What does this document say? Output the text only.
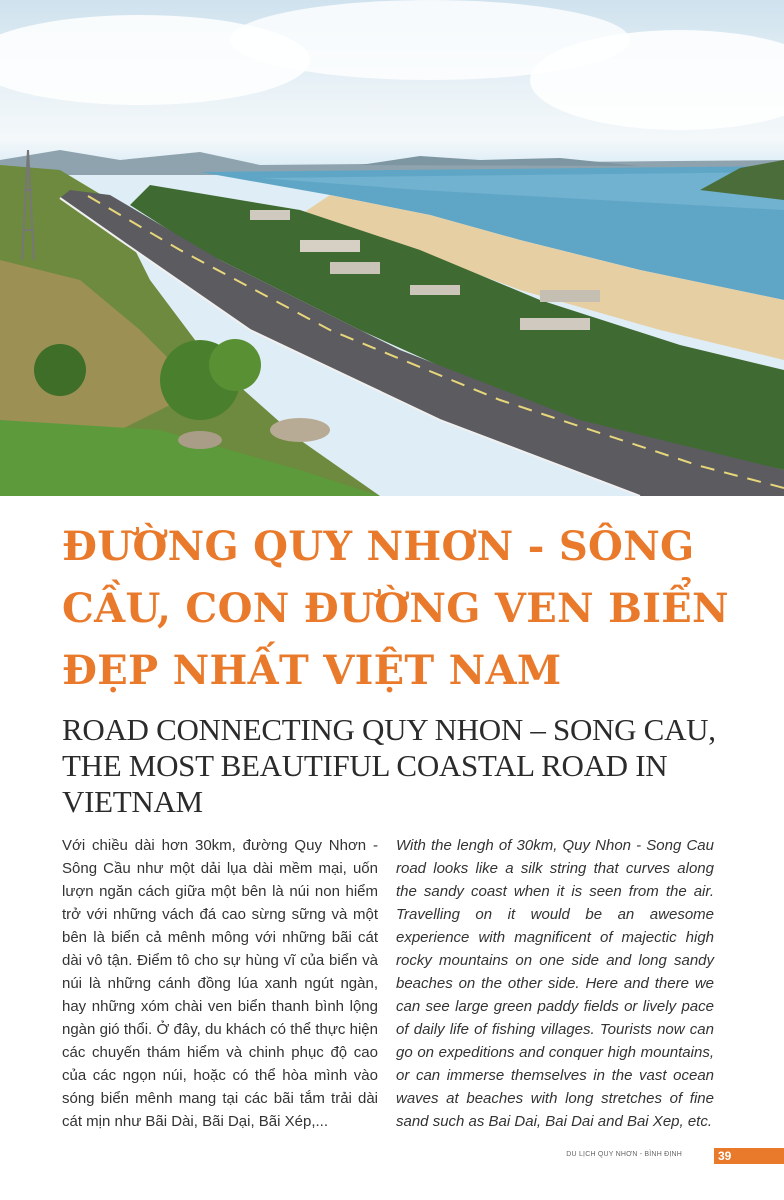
ĐƯỜNG QUY NHƠN - SÔNG CẦU, CON ĐƯỜNG VEN BIỂN ĐẸP NHẤT VIỆT NAM
ROAD CONNECTING QUY NHON – SONG CAU, THE MOST BEAUTIFUL COASTAL ROAD IN VIETNAM

Với chiều dài hơn 30km, đường Quy Nhơn - Sông Cầu như một dải lụa dài mềm mại, uốn lượn ngăn cách giữa một bên là núi non hiểm trở với những vách đá cao sừng sững và một bên là biển cả mênh mông với những bãi cát dài vô tận. Điểm tô cho sự hùng vĩ của biển và núi là những cánh đồng lúa xanh ngút ngàn, hay những xóm chài ven biển thanh bình lộng ngàn gió thổi. Ở đây, du khách có thể thực hiện các chuyến thám hiểm và chinh phục độ cao của các ngọn núi, hoặc có thể hòa mình vào sóng biển mênh mang tại các bãi tắm trải dài cát mịn như Bãi Dài, Bãi Dại, Bãi Xép,...

With the lengh of 30km, Quy Nhon - Song Cau road looks like a silk string that curves along the sandy coast when it is seen from the air. Travelling on it would be an awesome experience with magnificent of majectic high rocky mountains on one side and long sandy beaches on the other side. Here and there we can see large green paddy fields or lively pace of daily life of fishing villages. Tourists now can go on expeditions and conquer high mountains, or can immerse themselves in the vast ocean waves at beaches with long stretches of fine sand such as Bai Dai, Bai Dai and Bai Xep, etc.

DU LỊCH QUY NHƠN - BÌNH ĐỊNH	39
